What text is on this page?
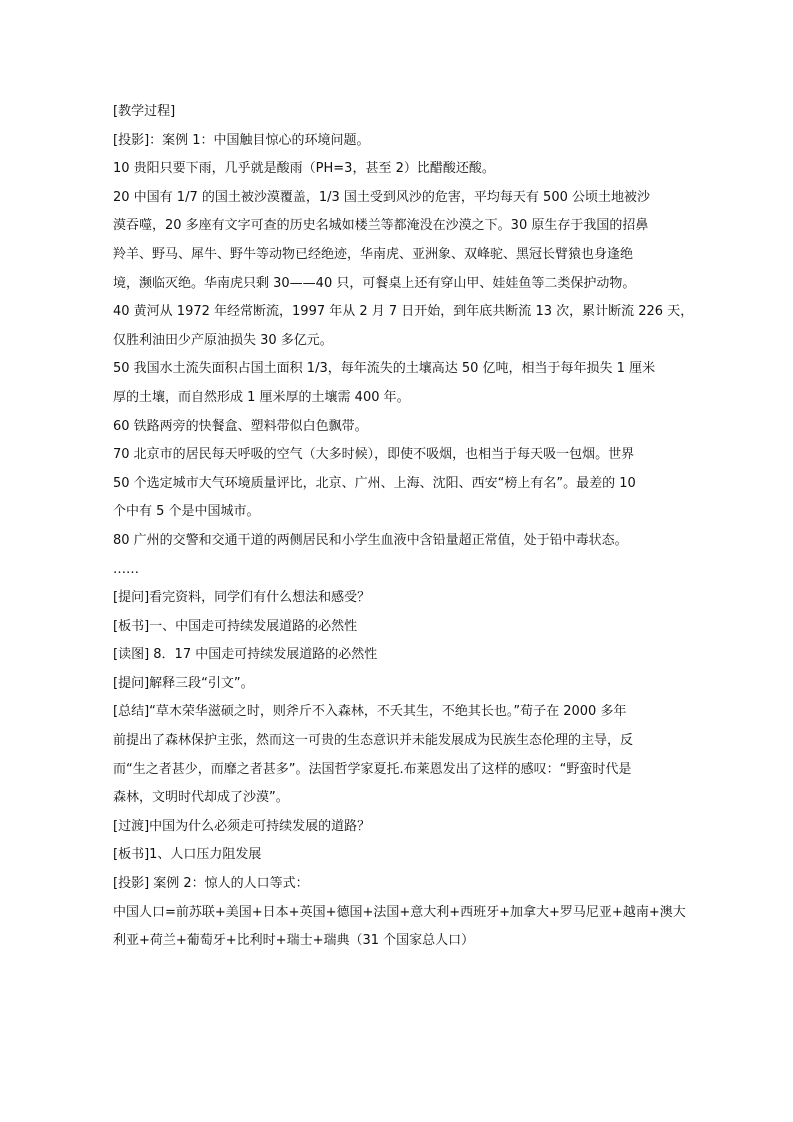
[教学过程]

[投影]：案例 1：中国触目惊心的环境问题。

10 贵阳只要下雨，几乎就是酸雨（PH=3，甚至 2）比醋酸还酸。

20 中国有 1/7 的国土被沙漠覆盖，1/3 国土受到风沙的危害，平均每天有 500 公顷土地被沙

漠吞噬，20 多座有文字可查的历史名城如楼兰等都淹没在沙漠之下。30 原生存于我国的招鼻

羚羊、野马、犀牛、野牛等动物已经绝迹，华南虎、亚洲象、双峰驼、黑冠长臂猿也身逢绝

境，濒临灭绝。华南虎只剩 30——40 只，可餐桌上还有穿山甲、娃娃鱼等二类保护动物。

40 黄河从 1972 年经常断流，1997 年从 2 月 7 日开始，到年底共断流 13 次，累计断流 226 天，

仅胜利油田少产原油损失 30 多亿元。

50 我国水土流失面积占国土面积 1/3，每年流失的土壤高达 50 亿吨，相当于每年损失 1 厘米

厚的土壤，而自然形成 1 厘米厚的土壤需 400 年。

60 铁路两旁的快餐盒、塑料带似白色飘带。

70 北京市的居民每天呼吸的空气（大多时候），即使不吸烟，也相当于每天吸一包烟。世界

50 个选定城市大气环境质量评比，北京、广州、上海、沈阳、西安“榜上有名”。最差的 10

个中有 5 个是中国城市。

80 广州的交警和交通干道的两侧居民和小学生血液中含铅量超正常值，处于铅中毒状态。

……

[提问]看完资料，同学们有什么想法和感受？

[板书]一、中国走可持续发展道路的必然性

[读图] 8．17 中国走可持续发展道路的必然性

[提问]解释三段“引文”。

[总结]“草木荣华滋硕之时，则斧斤不入森林，不夭其生，不绝其长也。”荀子在 2000 多年

前提出了森林保护主张，然而这一可贵的生态意识并未能发展成为民族生态伦理的主导，反

而“生之者甚少，而靡之者甚多”。法国哲学家夏托.布莱恩发出了这样的感叹：“野蛮时代是

森林，文明时代却成了沙漠”。

[过渡]中国为什么必须走可持续发展的道路？

[板书]1、人口压力阻发展

[投影] 案例 2：惊人的人口等式：

中国人口=前苏联+美国+日本+英国+德国+法国+意大利+西班牙+加拿大+罗马尼亚+越南+澳大

利亚+荷兰+葡萄牙+比利时+瑞士+瑞典（31 个国家总人口）
